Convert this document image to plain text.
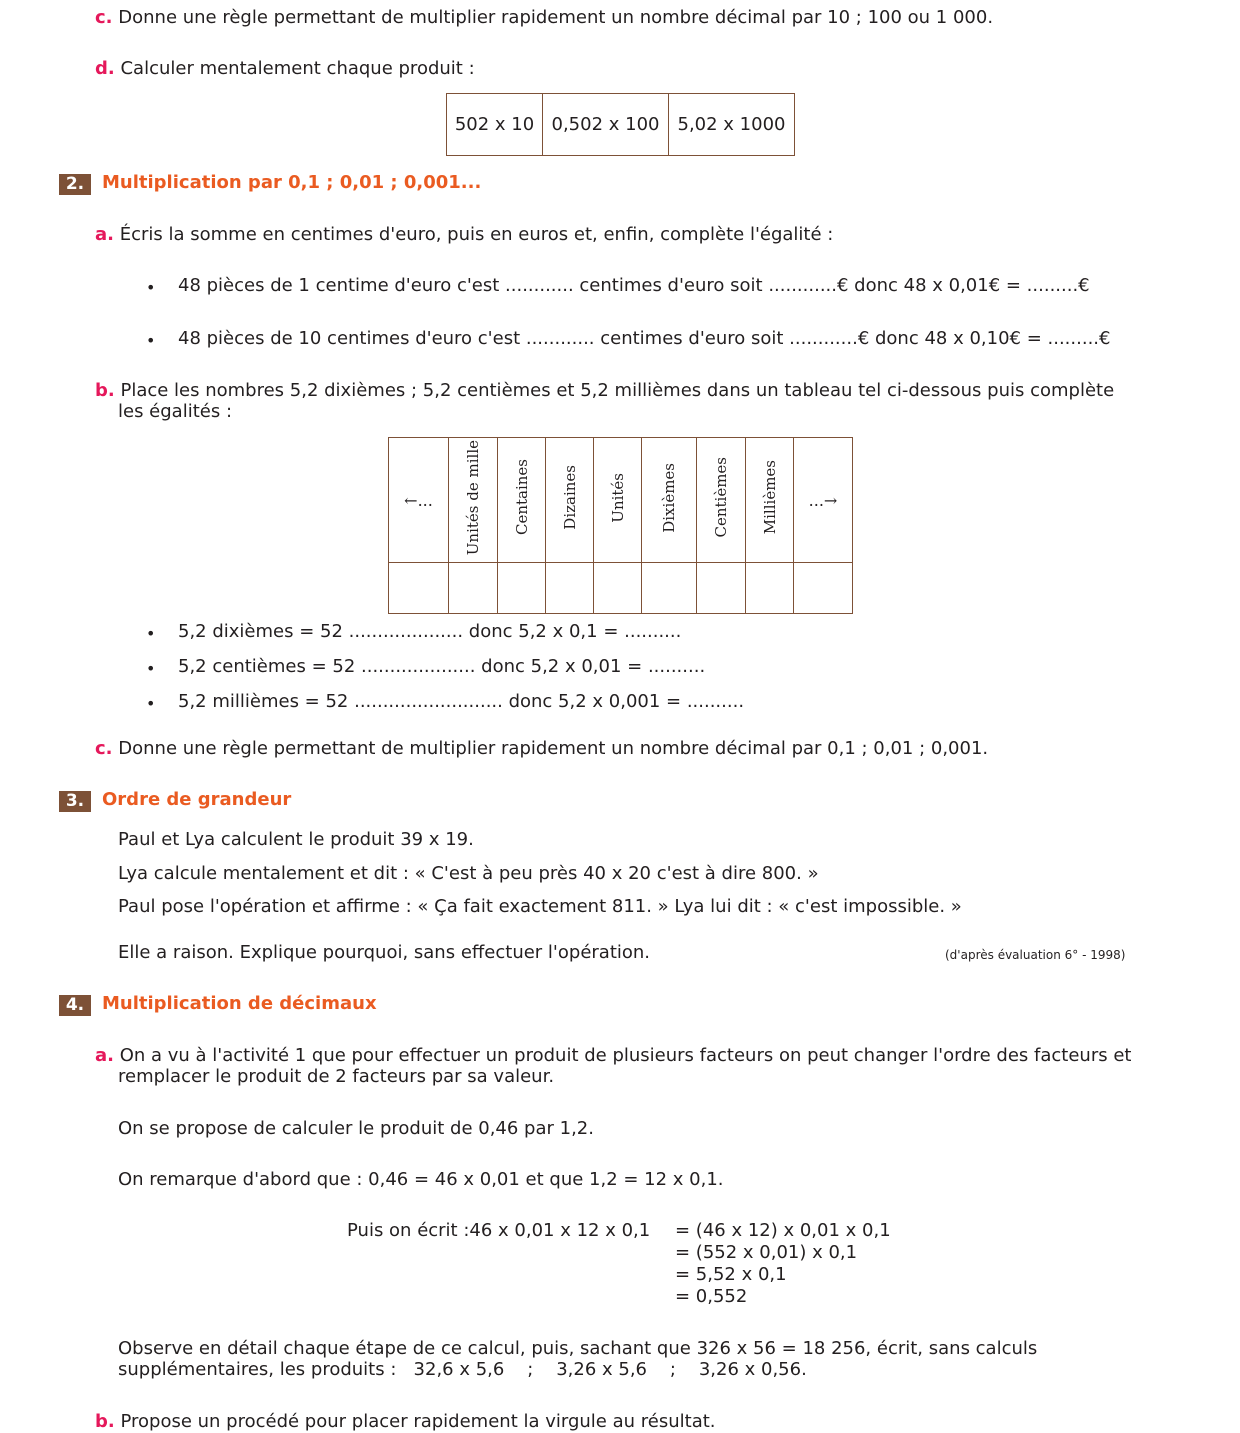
c. Donne une règle permettant de multiplier rapidement un nombre décimal par 10 ; 100 ou 1 000.
d. Calculer mentalement chaque produit :
502 x 10	0,502 x 100	5,02 x 1000
2. Multiplication par 0,1 ; 0,01 ; 0,001...
a. Écris la somme en centimes d'euro, puis en euros et, enfin, complète l'égalité :
• 48 pièces de 1 centime d'euro c'est ............ centimes d'euro soit ............€ donc 48 x 0,01€ = .........€
• 48 pièces de 10 centimes d'euro c'est ............ centimes d'euro soit ............€ donc 48 x 0,10€ = .........€
b. Place les nombres 5,2 dixièmes ; 5,2 centièmes et 5,2 millièmes dans un tableau tel ci-dessous puis complète
les égalités :
←...	Unités de mille	Centaines	Dizaines	Unités	Dixièmes	Centièmes	Millièmes	...→

• 5,2 dixièmes = 52 .................... donc 5,2 x 0,1 = ..........
• 5,2 centièmes = 52 .................... donc 5,2 x 0,01 = ..........
• 5,2 millièmes = 52 .......................... donc 5,2 x 0,001 = ..........
c. Donne une règle permettant de multiplier rapidement un nombre décimal par 0,1 ; 0,01 ; 0,001.
3. Ordre de grandeur
Paul et Lya calculent le produit 39 x 19.
Lya calcule mentalement et dit : « C'est à peu près 40 x 20 c'est à dire 800. »
Paul pose l'opération et affirme : « Ça fait exactement 811. » Lya lui dit : « c'est impossible. »
Elle a raison. Explique pourquoi, sans effectuer l'opération.	(d'après évaluation 6° - 1998)
4. Multiplication de décimaux
a. On a vu à l'activité 1 que pour effectuer un produit de plusieurs facteurs on peut changer l'ordre des facteurs et
remplacer le produit de 2 facteurs par sa valeur.
On se propose de calculer le produit de 0,46 par 1,2.
On remarque d'abord que : 0,46 = 46 x 0,01 et que 1,2 = 12 x 0,1.
Puis on écrit :46 x 0,01 x 12 x 0,1 = (46 x 12) x 0,01 x 0,1
= (552 x 0,01) x 0,1
= 5,52 x 0,1
= 0,552
Observe en détail chaque étape de ce calcul, puis, sachant que 326 x 56 = 18 256, écrit, sans calculs
supplémentaires, les produits :   32,6 x 5,6    ;    3,26 x 5,6    ;    3,26 x 0,56.
b. Propose un procédé pour placer rapidement la virgule au résultat.
